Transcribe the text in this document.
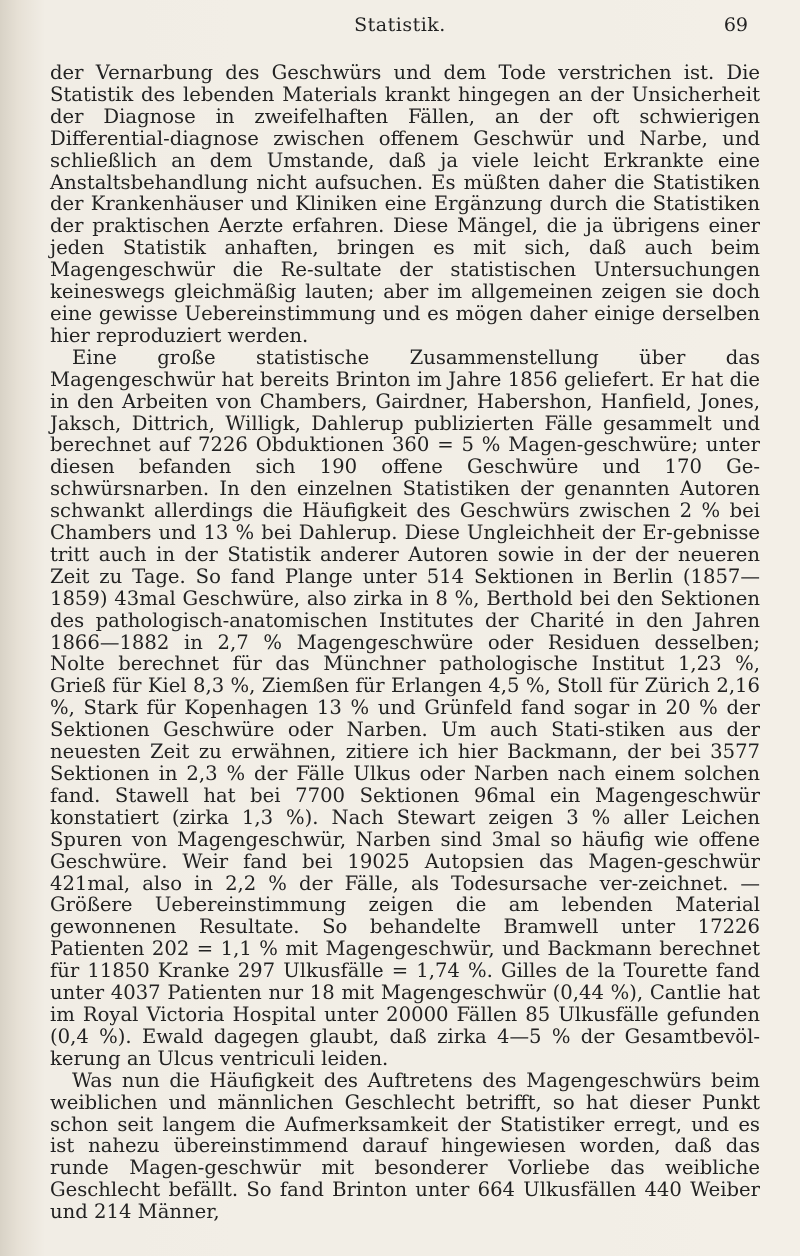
Statistik.	69

der Vernarbung des Geschwürs und dem Tode verstrichen ist. Die Statistik des lebenden Materials krankt hingegen an der Unsicherheit der Diagnose in zweifelhaften Fällen, an der oft schwierigen Differential-diagnose zwischen offenem Geschwür und Narbe, und schließlich an dem Umstande, daß ja viele leicht Erkrankte eine Anstaltsbehandlung nicht aufsuchen. Es müßten daher die Statistiken der Krankenhäuser und Kliniken eine Ergänzung durch die Statistiken der praktischen Aerzte erfahren. Diese Mängel, die ja übrigens einer jeden Statistik anhaften, bringen es mit sich, daß auch beim Magengeschwür die Re-sultate der statistischen Untersuchungen keineswegs gleichmäßig lauten; aber im allgemeinen zeigen sie doch eine gewisse Uebereinstimmung und es mögen daher einige derselben hier reproduziert werden.

Eine große statistische Zusammenstellung über das Magengeschwür hat bereits Brinton im Jahre 1856 geliefert. Er hat die in den Arbeiten von Chambers, Gairdner, Habershon, Hanfield, Jones, Jaksch, Dittrich, Willigk, Dahlerup publizierten Fälle gesammelt und berechnet auf 7226 Obduktionen 360 = 5 % Magen-geschwüre; unter diesen befanden sich 190 offene Geschwüre und 170 Ge-schwürsnarben. In den einzelnen Statistiken der genannten Autoren schwankt allerdings die Häufigkeit des Geschwürs zwischen 2 % bei Chambers und 13 % bei Dahlerup. Diese Ungleichheit der Er-gebnisse tritt auch in der Statistik anderer Autoren sowie in der der neueren Zeit zu Tage. So fand Plange unter 514 Sektionen in Berlin (1857—1859) 43mal Geschwüre, also zirka in 8 %, Berthold bei den Sektionen des pathologisch-anatomischen Institutes der Charité in den Jahren 1866—1882 in 2,7 % Magengeschwüre oder Residuen desselben; Nolte berechnet für das Münchner pathologische Institut 1,23 %, Grieß für Kiel 8,3 %, Ziemßen für Erlangen 4,5 %, Stoll für Zürich 2,16 %, Stark für Kopenhagen 13 % und Grünfeld fand sogar in 20 % der Sektionen Geschwüre oder Narben. Um auch Stati-stiken aus der neuesten Zeit zu erwähnen, zitiere ich hier Backmann, der bei 3577 Sektionen in 2,3 % der Fälle Ulkus oder Narben nach einem solchen fand. Stawell hat bei 7700 Sektionen 96mal ein Magengeschwür konstatiert (zirka 1,3 %). Nach Stewart zeigen 3 % aller Leichen Spuren von Magengeschwür, Narben sind 3mal so häufig wie offene Geschwüre. Weir fand bei 19025 Autopsien das Magen-geschwür 421mal, also in 2,2 % der Fälle, als Todesursache ver-zeichnet. — Größere Uebereinstimmung zeigen die am lebenden Material gewonnenen Resultate. So behandelte Bramwell unter 17226 Patienten 202 = 1,1 % mit Magengeschwür, und Backmann berechnet für 11850 Kranke 297 Ulkusfälle = 1,74 %. Gilles de la Tourette fand unter 4037 Patienten nur 18 mit Magengeschwür (0,44 %), Cantlie hat im Royal Victoria Hospital unter 20000 Fällen 85 Ulkusfälle gefunden (0,4 %). Ewald dagegen glaubt, daß zirka 4—5 % der Gesamtbevöl-kerung an Ulcus ventriculi leiden.

Was nun die Häufigkeit des Auftretens des Magengeschwürs beim weiblichen und männlichen Geschlecht betrifft, so hat dieser Punkt schon seit langem die Aufmerksamkeit der Statistiker erregt, und es ist nahezu übereinstimmend darauf hingewiesen worden, daß das runde Magen-geschwür mit besonderer Vorliebe das weibliche Geschlecht befällt. So fand Brinton unter 664 Ulkusfällen 440 Weiber und 214 Männer,
